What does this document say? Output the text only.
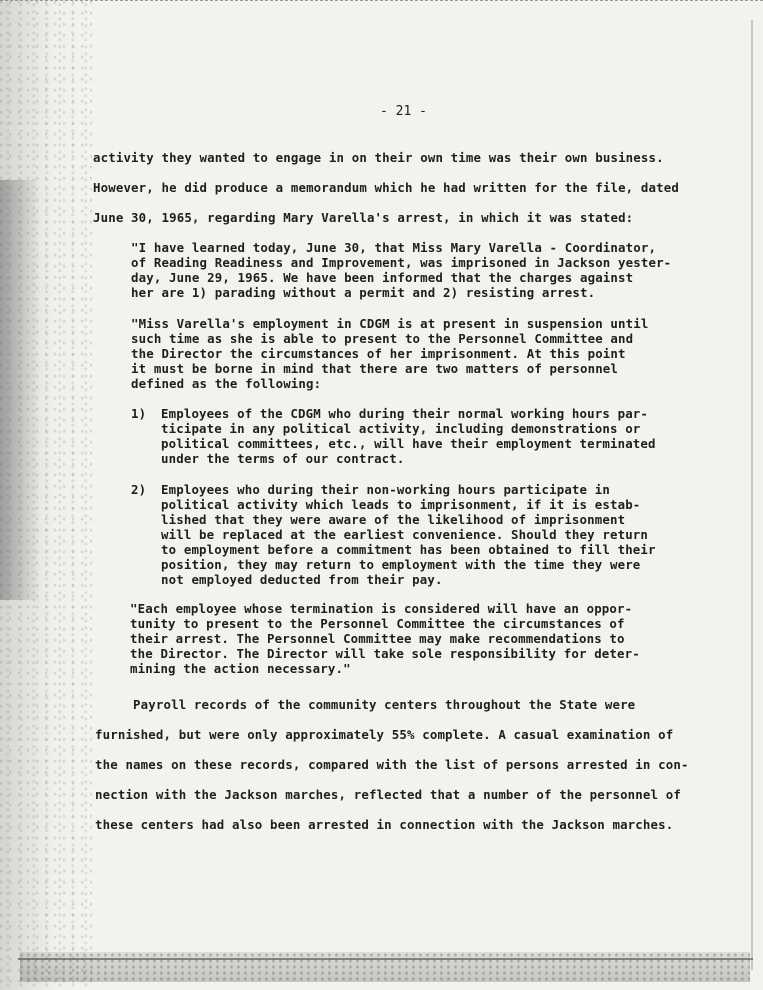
- 21 -
activity they wanted to engage in on their own time was their own business.
However, he did produce a memorandum which he had written for the file, dated
June 30, 1965, regarding Mary Varella's arrest, in which it was stated:
"I have learned today, June 30, that Miss Mary Varella - Coordinator,
of Reading Readiness and Improvement, was imprisoned in Jackson yester-
day, June 29, 1965. We have been informed that the charges against
her are 1) parading without a permit and 2) resisting arrest.
"Miss Varella's employment in CDGM is at present in suspension until
such time as she is able to present to the Personnel Committee and
the Director the circumstances of her imprisonment. At this point
it must be borne in mind that there are two matters of personnel
defined as the following:
1) Employees of the CDGM who during their normal working hours par-
ticipate in any political activity, including demonstrations or
political committees, etc., will have their employment terminated
under the terms of our contract.
2) Employees who during their non-working hours participate in
political activity which leads to imprisonment, if it is estab-
lished that they were aware of the likelihood of imprisonment
will be replaced at the earliest convenience. Should they return
to employment before a commitment has been obtained to fill their
position, they may return to employment with the time they were
not employed deducted from their pay.
"Each employee whose termination is considered will have an oppor-
tunity to present to the Personnel Committee the circumstances of
their arrest. The Personnel Committee may make recommendations to
the Director. The Director will take sole responsibility for deter-
mining the action necessary."
Payroll records of the community centers throughout the State were
furnished, but were only approximately 55% complete. A casual examination of
the names on these records, compared with the list of persons arrested in con-
nection with the Jackson marches, reflected that a number of the personnel of
these centers had also been arrested in connection with the Jackson marches.
